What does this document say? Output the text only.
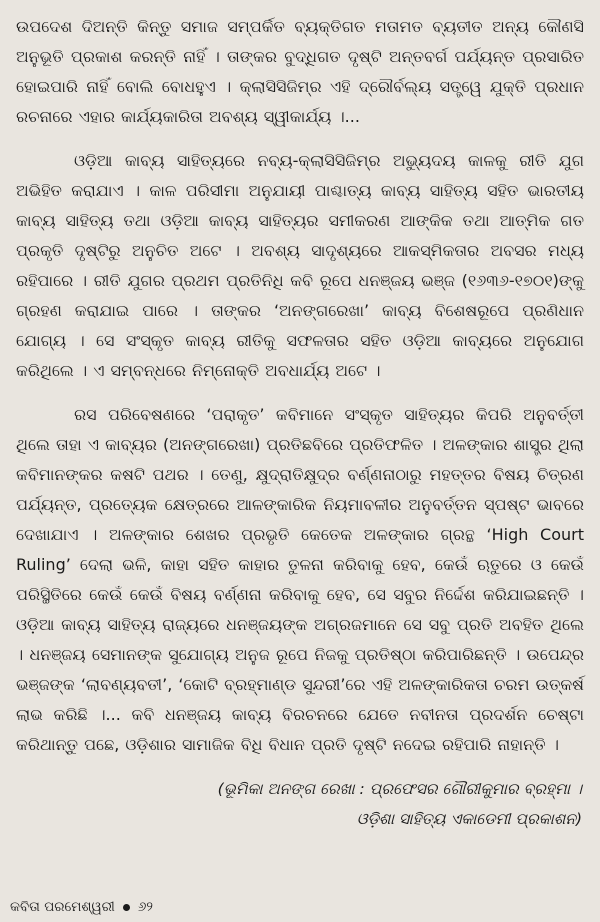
ଉପଦେଶ ଦିଅନ୍ତି କିନ୍ତୁ ସମାଜ ସମ୍ପର୍କିତ ବ୍ୟକ୍ତିଗତ ମତାମତ ବ୍ୟତୀତ ଅନ୍ୟ କୌଣସି ଅନୁଭୂତି ପ୍ରକାଶ କରନ୍ତି ନାହିଁ । ତାଙ୍କର ବୁଦ୍ଧିଗତ ଦୃଷ୍ଟି ଅନ୍ତବର୍ଗ ପର୍ଯ୍ୟନ୍ତ ପ୍ରସାରିତ ହୋଇପାରି ନାହିଁ ବୋଲି ବୋଧହୁଏ । କ୍ଲାସିସିଜିମ୍‌ର ଏହି ଦ୍ରୌର୍ବଲ୍ୟ ସତ୍ତ୍ୱେ ଯୁକ୍ତି ପ୍ରଧାନ ରଚନାରେ ଏହାର କାର୍ଯ୍ୟକାରିତା ଅବଶ୍ୟ ସ୍ୱୀକାର୍ଯ୍ୟ ।...

ଓଡ଼ିଆ କାବ୍ୟ ସାହିତ୍ୟରେ ନବ୍ୟ-କ୍ଲାସିସିଜିମ୍‌ର ଅଭ୍ୟୁଦୟ କାଳକୁ ରୀତି ଯୁଗ ଅଭିହିତ କରାଯାଏ । କାଳ ପରିସୀମା ଅନୁଯାୟୀ ପାଶ୍ଚାତ୍ୟ କାବ୍ୟ ସାହିତ୍ୟ ସହିତ ଭାରତୀୟ କାବ୍ୟ ସାହିତ୍ୟ ତଥା ଓଡ଼ିଆ କାବ୍ୟ ସାହିତ୍ୟର ସମୀକରଣ ଆଙ୍କିକ ତଥା ଆତ୍ମିକ ଗତ ପ୍ରକୃତି ଦୃଷ୍ଟିରୁ ଅନୁଚିତ ଅଟେ । ଅବଶ୍ୟ ସାଦୃଶ୍ୟରେ ଆକସ୍ମିକତାର ଅବସର ମଧ୍ୟ ରହିପାରେ । ରୀତି ଯୁଗର ପ୍ରଥମ ପ୍ରତିନିଧି କବି ରୂପେ ଧନଞ୍ଜୟ ଭଞ୍ଜ (୧୬୩୬-୧୭୦୧)ଙ୍କୁ ଗ୍ରହଣ କରାଯାଇ ପାରେ । ତାଙ୍କର ‘ଅନଙ୍ଗରେଖା’ କାବ୍ୟ ବିଶେଷରୂପେ ପ୍ରଣିଧାନ ଯୋଗ୍ୟ । ସେ ସଂସ୍କୃତ କାବ୍ୟ ରୀତିକୁ ସଫଳତାର ସହିତ ଓଡ଼ିଆ କାବ୍ୟରେ ଅନୁଯୋଗ କରିଥିଲେ । ଏ ସମ୍ବନ୍ଧରେ ନିମ୍ନୋକ୍ତି ଅବଧାର୍ଯ୍ୟ ଅଟେ ।

ରସ ପରିବେଷଣରେ ‘ପରାକୃତ’ କବିମାନେ ସଂସ୍କୃତ ସାହିତ୍ୟର କିପରି ଅନୁବର୍ତ୍ତୀ ଥିଲେ ତାହା ଏ କାବ୍ୟର (ଅନଙ୍ଗରେଖା) ପ୍ରତିଛବିରେ ପ୍ରତିଫଳିତ । ଅଳଙ୍କାର ଶାସ୍ତ୍ର ଥିଲା କବିମାନଙ୍କର କଷଟି ପଥର । ତେଣୁ, କ୍ଷୁଦ୍ରାତିକ୍ଷୁଦ୍ର ବର୍ଣ୍ଣନାଠାରୁ ମହତ୍ତର ବିଷୟ ଚିତ୍ରଣ ପର୍ଯ୍ୟନ୍ତ, ପ୍ରତ୍ୟେକ କ୍ଷେତ୍ରରେ ଆଳଙ୍କାରିକ ନିୟମାବଳୀର ଅନୁବର୍ତ୍ତନ ସ୍ପଷ୍ଟ ଭାବରେ ଦେଖାଯାଏ । ଅଳଙ୍କାର ଶେଖର ପ୍ରଭୃତି କେତେକ ଅଳଙ୍କାର ଗ୍ରନ୍ଥ ‘High Court Ruling’ ଦେଲା ଭଳି, କାହା ସହିତ କାହାର ତୁଳନା କରିବାକୁ ହେବ, କେଉଁ ଋତୁରେ ଓ କେଉଁ ପରିସ୍ଥିତିରେ କେଉଁ କେଉଁ ବିଷୟ ବର୍ଣ୍ଣନା କରିବାକୁ ହେବ, ସେ ସବୁର ନିର୍ଦ୍ଦେଶ କରିଯାଇଛନ୍ତି । ଓଡ଼ିଆ କାବ୍ୟ ସାହିତ୍ୟ ରାଜ୍ୟରେ ଧନଞ୍ଜୟଙ୍କ ଅଗ୍ରଜମାନେ ସେ ସବୁ ପ୍ରତି ଅବହିତ ଥିଲେ । ଧନଞ୍ଜୟ ସେମାନଙ୍କ ସୁଯୋଗ୍ୟ ଅନୁଜ ରୂପେ ନିଜକୁ ପ୍ରତିଷ୍ଠା କରିପାରିଛନ୍ତି । ଉପେନ୍ଦ୍ର ଭଞ୍ଜଙ୍କ ‘ଲାବଣ୍ୟବତୀ’, ‘କୋଟି ବ୍ରହ୍ମାଣ୍ଡ ସୁନ୍ଦରୀ’ରେ ଏହି ଅଳଙ୍କାରିକତା ଚରମ ଉତ୍କର୍ଷ ଲାଭ କରିଛି ।... କବି ଧନଞ୍ଜୟ କାବ୍ୟ ବିରଚନରେ ଯେତେ ନବୀନତା ପ୍ରଦର୍ଶନ ଚେଷ୍ଟା କରିଥାନ୍ତୁ ପଛେ, ଓଡ଼ିଶାର ସାମାଜିକ ବିଧି ବିଧାନ ପ୍ରତି ଦୃଷ୍ଟି ନଦେଇ ରହିପାରି ନାହାନ୍ତି ।

(ଭୂମିକା ଅନଙ୍ଗ ରେଖା : ପ୍ରଫେସର ଗୌରୀକୁମାର ବ୍ରହ୍ମା ।
ଓଡ଼ିଶା ସାହିତ୍ୟ ଏକାଡେମୀ ପ୍ରକାଶନ)
କବିତା ପରମେଶ୍ୱରୀ ୬୨
